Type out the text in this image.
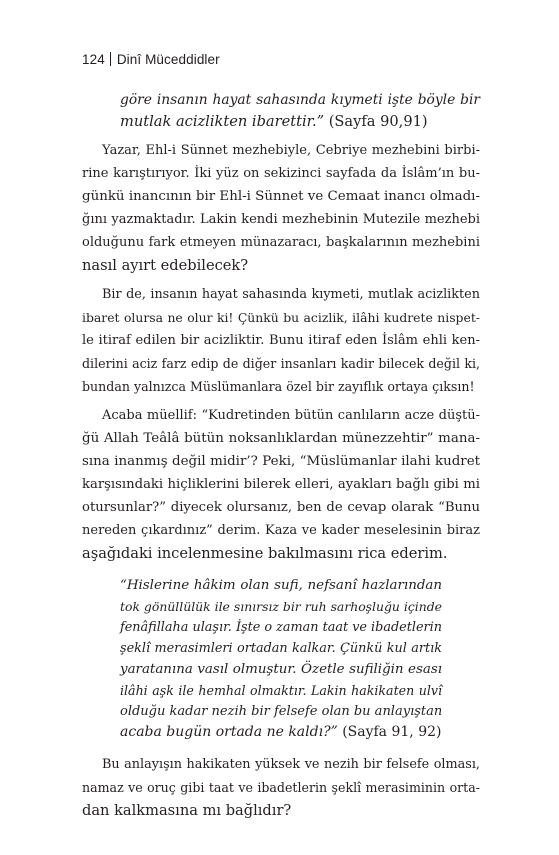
124 Dinî Müceddidler
göre insanın hayat sahasında kıymeti işte böyle bir
mutlak acizlikten ibarettir.” (Sayfa 90,91)
Yazar, Ehl-i Sünnet mezhebiyle, Cebriye mezhebini birbi-
rine karıştırıyor. İki yüz on sekizinci sayfada da İslâm’ın bu-
günkü inancının bir Ehl-i Sünnet ve Cemaat inancı olmadı-
ğını yazmaktadır. Lakin kendi mezhebinin Mutezile mezhebi
olduğunu fark etmeyen münazaracı, başkalarının mezhebini
nasıl ayırt edebilecek?
Bir de, insanın hayat sahasında kıymeti, mutlak acizlikten
ibaret olursa ne olur ki! Çünkü bu acizlik, ilâhi kudrete nispet-
le itiraf edilen bir acizliktir. Bunu itiraf eden İslâm ehli ken-
dilerini aciz farz edip de diğer insanları kadir bilecek değil ki,
bundan yalnızca Müslümanlara özel bir zayıflık ortaya çıksın!
Acaba müellif: “Kudretinden bütün canlıların acze düştü-
ğü Allah Teâlâ bütün noksanlıklardan münezzehtir” mana-
sına inanmış değil midir’? Peki, “Müslümanlar ilahi kudret
karşısındaki hiçliklerini bilerek elleri, ayakları bağlı gibi mi
otursunlar?” diyecek olursanız, ben de cevap olarak “Bunu
nereden çıkardınız” derim. Kaza ve kader meselesinin biraz
aşağıdaki incelenmesine bakılmasını rica ederim.
“Hislerine hâkim olan sufi, nefsanî hazlarından
tok gönüllülük ile sınırsız bir ruh sarhoşluğu içinde
fenâfillaha ulaşır. İşte o zaman taat ve ibadetlerin
şeklî merasimleri ortadan kalkar. Çünkü kul artık
yaratanına vasıl olmuştur. Özetle sufiliğin esası
ilâhi aşk ile hemhal olmaktır. Lakin hakikaten ulvî
olduğu kadar nezih bir felsefe olan bu anlayıştan
acaba bugün ortada ne kaldı?” (Sayfa 91, 92)
Bu anlayışın hakikaten yüksek ve nezih bir felsefe olması,
namaz ve oruç gibi taat ve ibadetlerin şeklî merasiminin orta-
dan kalkmasına mı bağlıdır?
